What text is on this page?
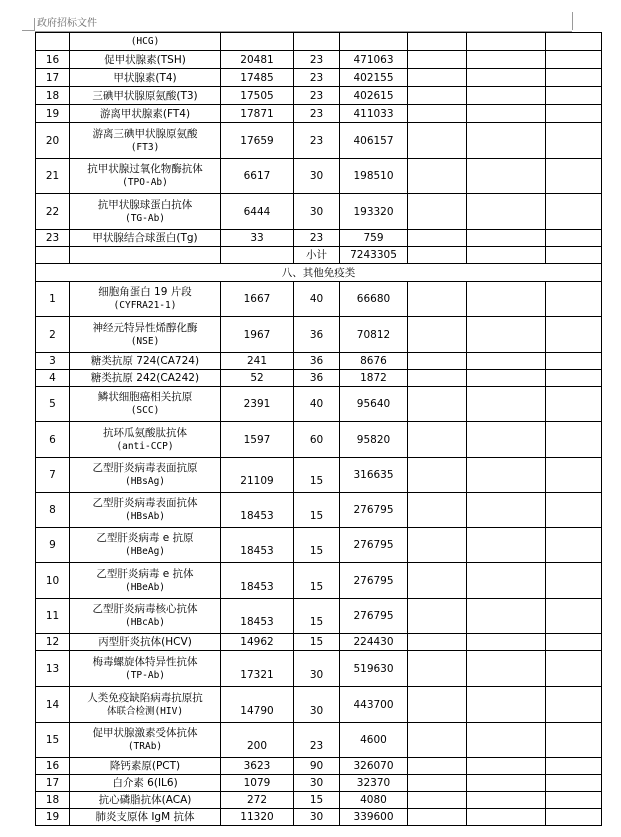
政府招标文件

	(HCG)						

16	促甲状腺素(TSH)	20481	23	471063			
17	甲状腺素(T4)	17485	23	402155			
18	三碘甲状腺原氨酸(T3)	17505	23	402615			
19	游离甲状腺素(FT4)	17871	23	411033			
20	游离三碘甲状腺原氨酸
(FT3)	17659	23	406157			
21	抗甲状腺过氧化物酶抗体
(TPO-Ab)	6617	30	198510			
22	抗甲状腺球蛋白抗体
(TG-Ab)	6444	30	193320			
23	甲状腺结合球蛋白(Tg)	33	23	759			
			小计	7243305			
八、其他免疫类							
1	细胞角蛋白 19 片段
(CYFRA21-1)	1667	40	66680			
2	神经元特异性烯醇化酶
(NSE)	1967	36	70812			
3	糖类抗原 724(CA724)	241	36	8676			
4	糖类抗原 242(CA242)	52	36	1872			
5	鳞状细胞癌相关抗原
(SCC)	2391	40	95640			
6	抗环瓜氨酸肽抗体
(anti-CCP)	1597	60	95820			
7	乙型肝炎病毒表面抗原
(HBsAg)	21109	15	316635			
8	乙型肝炎病毒表面抗体
(HBsAb)	18453	15	276795			
9	乙型肝炎病毒 e 抗原
(HBeAg)	18453	15	276795			
10	乙型肝炎病毒 e 抗体
(HBeAb)	18453	15	276795			
11	乙型肝炎病毒核心抗体
(HBcAb)	18453	15	276795			
12	丙型肝炎抗体(HCV)	14962	15	224430			
13	梅毒螺旋体特异性抗体
(TP-Ab)	17321	30	519630			
14	人类免疫缺陷病毒抗原抗
体联合检测(HIV)	14790	30	443700			
15	促甲状腺激素受体抗体
(TRAb)	200	23	4600			
16	降钙素原(PCT)	3623	90	326070			
17	白介素 6(IL6)	1079	30	32370			
18	抗心磷脂抗体(ACA)	272	15	4080			
19	肺炎支原体 IgM 抗体	11320	30	339600			
